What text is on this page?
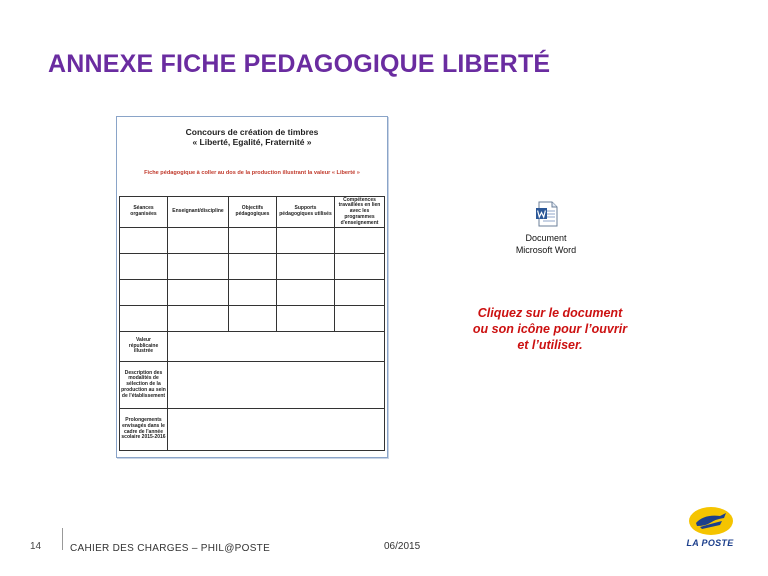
ANNEXE FICHE PEDAGOGIQUE LIBERTÉ
Concours de création de timbres
« Liberté, Egalité, Fraternité »
Fiche pédagogique à coller au dos de la production illustrant la valeur « Liberté »
Séances organisées	Enseignant/discipline	Objectifs pédagogiques	Supports pédagogiques utilisés	Compétences travaillées en lien avec les programmes d'enseignement

Valeur républicaine illustrée				
Description des modalités de sélection de la production au sein de l'établissement				
Prolongements envisagés dans le cadre de l'année scolaire 2015-2016				
Document
Microsoft Word
Cliquez sur le document
ou son icône pour l’ouvrir
et l’utiliser.
14	CAHIER DES CHARGES – PHIL@POSTE	06/2015	LA POSTE
